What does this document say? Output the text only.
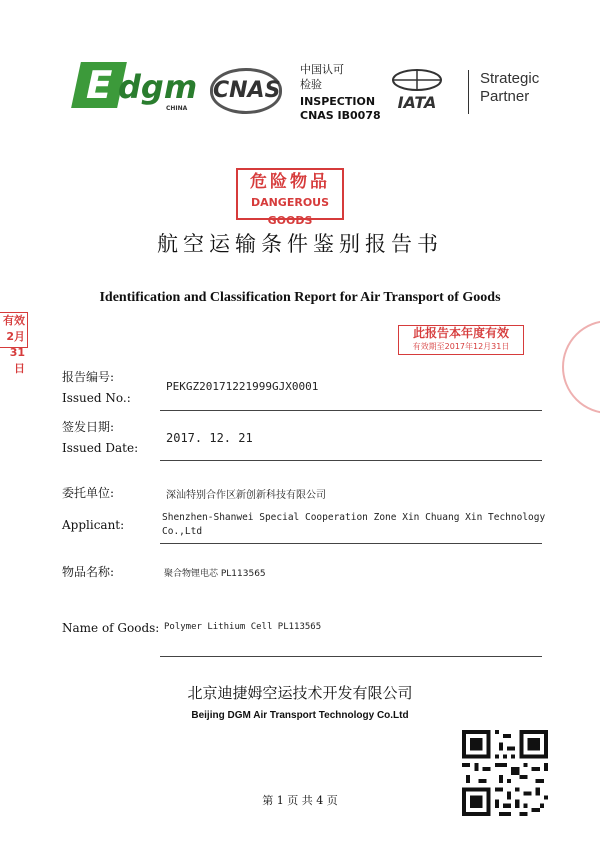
E dgm
CHINA
CNAS
中国认可
检验
INSPECTION
CNAS IB0078
IATA
Strategic
Partner
危险物品
DANGEROUS GOODS
航空运输条件鉴别报告书
Identification and Classification Report for Air Transport of Goods
有效
2月31日
此报告本年度有效
有效期至2017年12月31日
报告编号:
Issued No.:
PEKGZ20171221999GJX0001
签发日期:
Issued Date:
2017. 12. 21
委托单位:	深汕特别合作区新创新科技有限公司
Applicant:
Shenzhen-Shanwei Special Cooperation Zone Xin Chuang Xin Technology
Co.,Ltd
物品名称:	聚合物锂电芯 PL113565
Name of Goods: Polymer Lithium Cell PL113565
北京迪捷姆空运技术开发有限公司
Beijing DGM Air Transport Technology Co.Ltd
第 1 页 共 4 页
